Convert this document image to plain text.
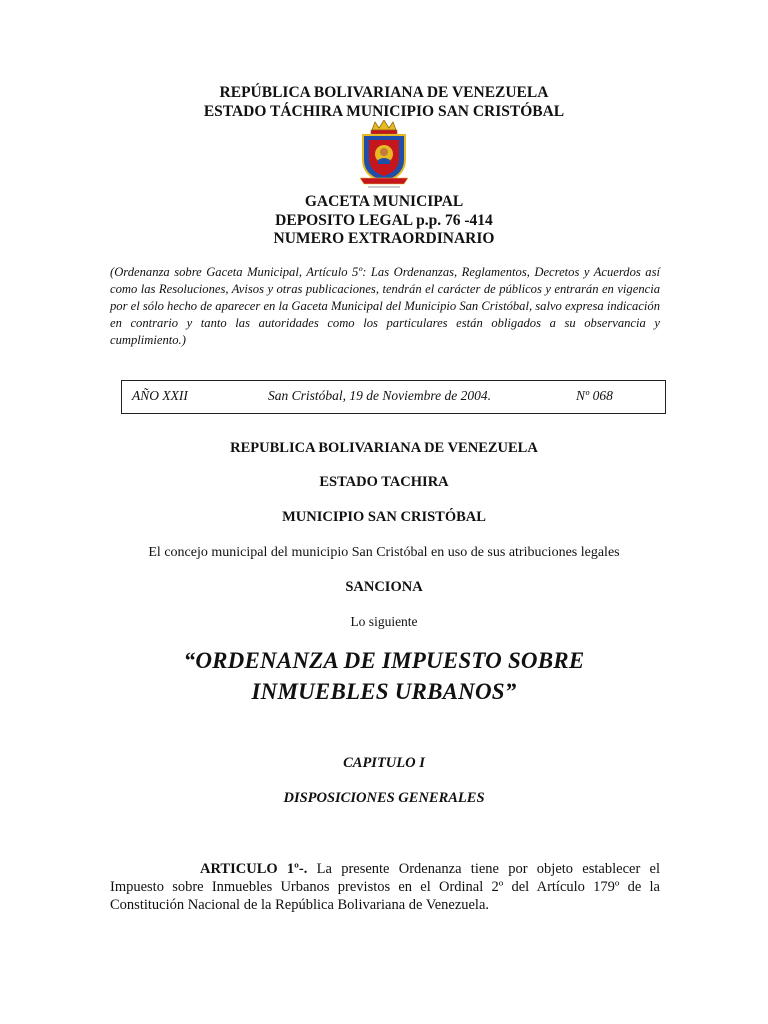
REPÚBLICA BOLIVARIANA DE VENEZUELA
ESTADO TÁCHIRA MUNICIPIO SAN CRISTÓBAL
GACETA MUNICIPAL
DEPOSITO LEGAL p.p. 76 -414
NUMERO EXTRAORDINARIO
(Ordenanza sobre Gaceta Municipal, Artículo 5º: Las Ordenanzas, Reglamentos, Decretos y Acuerdos así como las Resoluciones, Avisos y otras publicaciones, tendrán el carácter de públicos y entrarán en vigencia por el sólo hecho de aparecer en la Gaceta Municipal del Municipio San Cristóbal, salvo expresa indicación en contrario y tanto las autoridades como los particulares están obligados a su observancia y cumplimiento.)
AÑO XXII	San Cristóbal, 19 de Noviembre de 2004.	Nº 068
REPUBLICA BOLIVARIANA DE VENEZUELA
ESTADO TACHIRA
MUNICIPIO SAN CRISTÓBAL
El concejo municipal del municipio San Cristóbal en uso de sus atribuciones legales
SANCIONA
Lo siguiente
“ORDENANZA DE IMPUESTO SOBRE
INMUEBLES URBANOS”
CAPITULO I
DISPOSICIONES GENERALES
ARTICULO 1º-. La presente Ordenanza tiene por objeto establecer el Impuesto sobre Inmuebles Urbanos previstos en el Ordinal 2º del Artículo 179º de la Constitución Nacional de la República Bolivariana de Venezuela.
